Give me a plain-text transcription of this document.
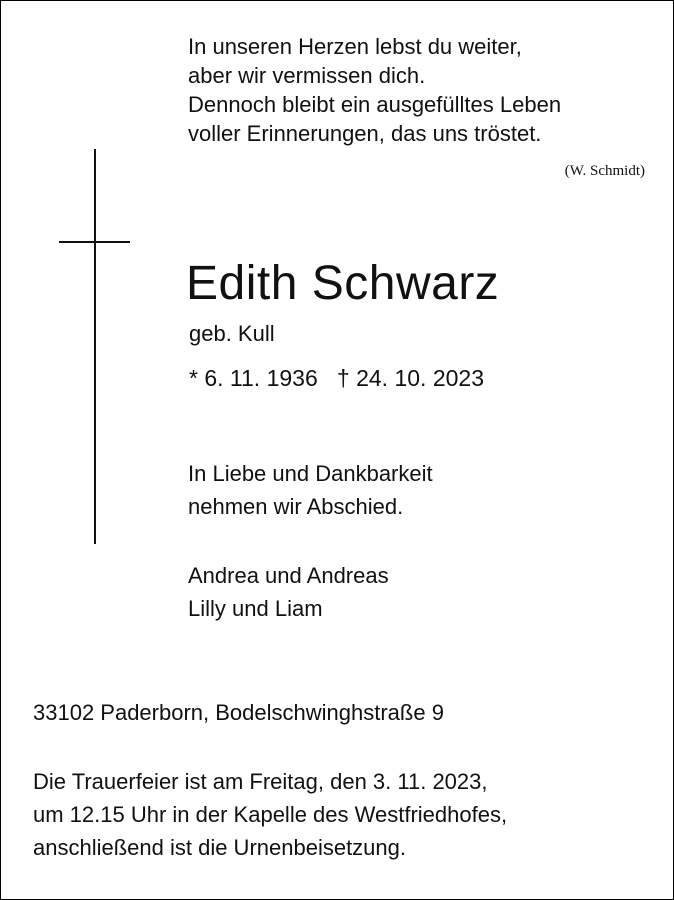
In unseren Herzen lebst du weiter,
aber wir vermissen dich.
Dennoch bleibt ein ausgefülltes Leben
voller Erinnerungen, das uns tröstet.
(W. Schmidt)
Edith Schwarz
geb. Kull
* 6. 11. 1936 † 24. 10. 2023
In Liebe und Dankbarkeit
nehmen wir Abschied.
Andrea und Andreas
Lilly und Liam
33102 Paderborn, Bodelschwinghstraße 9
Die Trauerfeier ist am Freitag, den 3. 11. 2023,
um 12.15 Uhr in der Kapelle des Westfriedhofes,
anschließend ist die Urnenbeisetzung.
